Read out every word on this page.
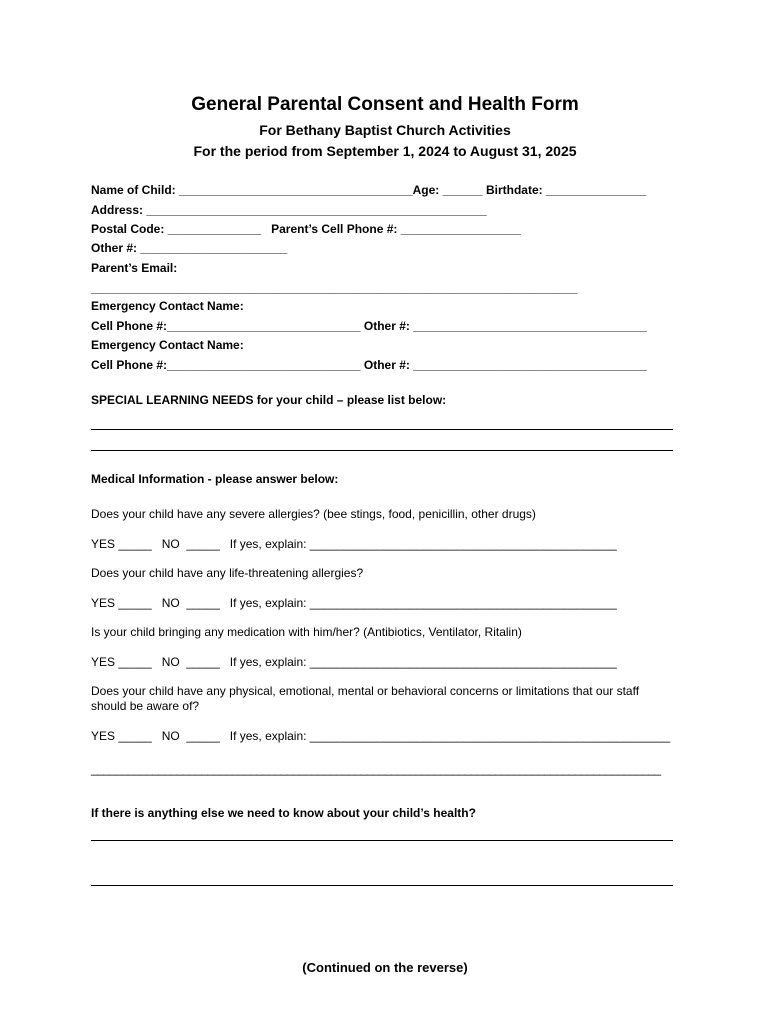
General Parental Consent and Health Form
For Bethany Baptist Church Activities
For the period from September 1, 2024 to August 31, 2025
Name of Child: ___________________________________Age: ______ Birthdate: _______________
Address: ___________________________________________________
Postal Code: ______________   Parent’s Cell Phone #: __________________
Other #: ______________________
Parent’s Email:
________________________________________________________________________________
Emergency Contact Name:
Cell Phone #:_____________________________ Other #: ___________________________________
Emergency Contact Name:
Cell Phone #:_____________________________ Other #: ___________________________________
SPECIAL LEARNING NEEDS for your child – please list below:
Medical Information - please answer below:
Does your child have any severe allergies? (bee stings, food, penicillin, other drugs)
YES _____   NO  _____   If yes, explain: ______________________________________________
Does your child have any life-threatening allergies?
YES _____   NO  _____   If yes, explain: ______________________________________________
Is your child bringing any medication with him/her? (Antibiotics, Ventilator, Ritalin)
YES _____   NO  _____   If yes, explain: ______________________________________________
Does your child have any physical, emotional, mental or behavioral concerns or limitations that our staff
should be aware of?
YES _____   NO  _____   If yes, explain: ______________________________________________________
_____________________________________________________________________________________________
If there is anything else we need to know about your child’s health?
(Continued on the reverse)
